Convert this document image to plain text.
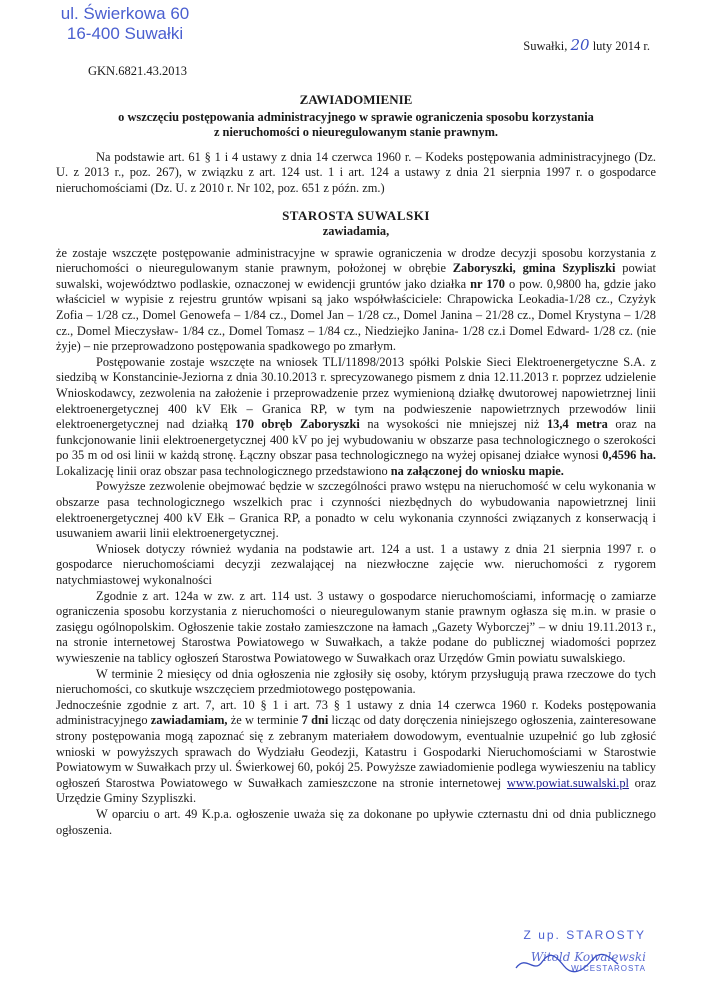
ul. Świerkowa 60
16-400 Suwałki
Suwałki, 20 luty 2014 r.
GKN.6821.43.2013
ZAWIADOMIENIE
o wszczęciu postępowania administracyjnego w sprawie ograniczenia sposobu korzystania
z nieruchomości o nieuregulowanym stanie prawnym.

Na podstawie art. 61 § 1 i 4 ustawy z dnia 14 czerwca 1960 r. – Kodeks postępowania administracyjnego (Dz. U. z 2013 r., poz. 267), w związku z art. 124 ust. 1 i art. 124 a ustawy z dnia 21 sierpnia 1997 r. o gospodarce nieruchomościami (Dz. U. z 2010 r. Nr 102, poz. 651 z późn. zm.)

STAROSTA SUWALSKI
zawiadamia,

że zostaje wszczęte postępowanie administracyjne w sprawie ograniczenia w drodze decyzji sposobu korzystania z nieruchomości o nieuregulowanym stanie prawnym, położonej w obrębie Zaboryszki, gmina Szypliszki powiat suwalski, województwo podlaskie, oznaczonej w ewidencji gruntów jako działka nr 170 o pow. 0,9800 ha, gdzie jako właściciel w wypisie z rejestru gruntów wpisani są jako współwłaściciele: Chrapowicka Leokadia-1/28 cz., Czyżyk Zofia – 1/28 cz., Domel Genowefa – 1/84 cz., Domel Jan – 1/28 cz., Domel Janina – 21/28 cz., Domel Krystyna – 1/28 cz., Domel Mieczysław- 1/84 cz., Domel Tomasz – 1/84 cz., Niedziejko Janina- 1/28 cz.i Domel Edward- 1/28 cz. (nie żyje) – nie przeprowadzono postępowania spadkowego po zmarłym.

Postępowanie zostaje wszczęte na wniosek TLI/11898/2013 spółki Polskie Sieci Elektroenergetyczne S.A. z siedzibą w Konstancinie-Jeziorna z dnia 30.10.2013 r. sprecyzowanego pismem z dnia 12.11.2013 r. poprzez udzielenie Wnioskodawcy, zezwolenia na założenie i przeprowadzenie przez wymienioną działkę dwutorowej napowietrznej linii elektroenergetycznej 400 kV Ełk – Granica RP, w tym na podwieszenie napowietrznych przewodów linii elektroenergetycznej nad działką 170 obręb Zaboryszki na wysokości nie mniejszej niż 13,4 metra oraz na funkcjonowanie linii elektroenergetycznej 400 kV po jej wybudowaniu w obszarze pasa technologicznego o szerokości po 35 m od osi linii w każdą stronę. Łączny obszar pasa technologicznego na wyżej opisanej działce wynosi 0,4596 ha. Lokalizację linii oraz obszar pasa technologicznego przedstawiono na załączonej do wniosku mapie.

Powyższe zezwolenie obejmować będzie w szczególności prawo wstępu na nieruchomość w celu wykonania w obszarze pasa technologicznego wszelkich prac i czynności niezbędnych do wybudowania napowietrznej linii elektroenergetycznej 400 kV Ełk – Granica RP, a ponadto w celu wykonania czynności związanych z konserwacją i usuwaniem awarii linii elektroenergetycznej.

Wniosek dotyczy również wydania na podstawie art. 124 a ust. 1 a ustawy z dnia 21 sierpnia 1997 r. o gospodarce nieruchomościami decyzji zezwalającej na niezwłoczne zajęcie ww. nieruchomości z rygorem natychmiastowej wykonalności

Zgodnie z art. 124a w zw. z art. 114 ust. 3 ustawy o gospodarce nieruchomościami, informację o zamiarze ograniczenia sposobu korzystania z nieruchomości o nieuregulowanym stanie prawnym ogłasza się m.in. w prasie o zasięgu ogólnopolskim. Ogłoszenie takie zostało zamieszczone na łamach „Gazety Wyborczej” – w dniu 19.11.2013 r., na stronie internetowej Starostwa Powiatowego w Suwałkach, a także podane do publicznej wiadomości poprzez wywieszenie na tablicy ogłoszeń Starostwa Powiatowego w Suwałkach oraz Urzędów Gmin powiatu suwalskiego.

W terminie 2 miesięcy od dnia ogłoszenia nie zgłosiły się osoby, którym przysługują prawa rzeczowe do tych nieruchomości, co skutkuje wszczęciem przedmiotowego postępowania.

Jednocześnie zgodnie z art. 7, art. 10 § 1 i art. 73 § 1 ustawy z dnia 14 czerwca 1960 r. Kodeks postępowania administracyjnego zawiadamiam, że w terminie 7 dni licząc od daty doręczenia niniejszego ogłoszenia, zainteresowane strony postępowania mogą zapoznać się z zebranym materiałem dowodowym, eventualnie uzupełnić go lub zgłosić wnioski w powyższych sprawach do Wydziału Geodezji, Katastru i Gospodarki Nieruchomościami w Starostwie Powiatowym w Suwałkach przy ul. Świerkowej 60, pokój 25. Powyższe zawiadomienie podlega wywieszeniu na tablicy ogłoszeń Starostwa Powiatowego w Suwałkach zamieszczone na stronie internetowej www.powiat.suwalski.pl oraz Urzędzie Gminy Szypliszki.

W oparciu o art. 49 K.p.a. ogłoszenie uważa się za dokonane po upływie czternastu dni od dnia publicznego ogłoszenia.

Z up. STAROSTY
Witold Kowalewski
WICESTAROSTA
